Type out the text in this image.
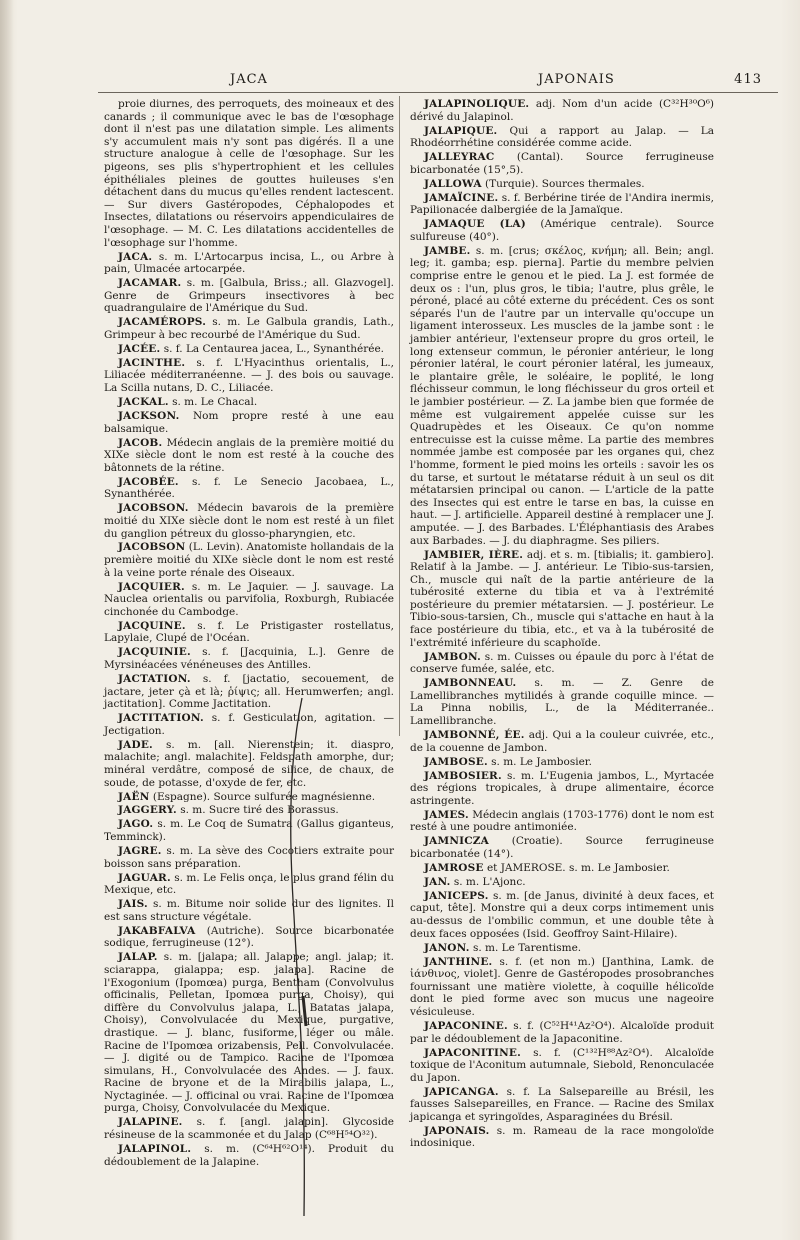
JACA	JAPONAIS	413

proie diurnes, des perroquets, des moineaux et des canards ; il communique avec le bas de l'œsophage dont il n'est pas une dilatation simple. Les aliments s'y accumulent mais n'y sont pas digérés. Il a une structure analogue à celle de l'œsophage. Sur les pigeons, ses plis s'hypertrophient et les cellules épithéliales pleines de gouttes huileuses s'en détachent dans du mucus qu'elles rendent lactescent. — Sur divers Gastéropodes, Céphalopodes et Insectes, dilatations ou réservoirs appendiculaires de l'œsophage. — M. C. Les dilatations accidentelles de l'œsophage sur l'homme.

JACA. s. m. L'Artocarpus incisa, L., ou Arbre à pain, Ulmacée artocarpée.

JACAMAR. s. m. [Galbula, Briss.; all. Glazvogel]. Genre de Grimpeurs insectivores à bec quadrangulaire de l'Amérique du Sud.

JACAMÉROPS. s. m. Le Galbula grandis, Lath., Grimpeur à bec recourbé de l'Amérique du Sud.

JACÉE. s. f. La Centaurea jacea, L., Synanthérée.

JACINTHE. s. f. L'Hyacinthus orientalis, L., Liliacée méditerranéenne. — J. des bois ou sauvage. La Scilla nutans, D. C., Liliacée.

JACKAL. s. m. Le Chacal.

JACKSON. Nom propre resté à une eau balsamique.

JACOB. Médecin anglais de la première moitié du XIXe siècle dont le nom est resté à la couche des bâtonnets de la rétine.

JACOBÉE. s. f. Le Senecio Jacobaea, L., Synanthérée.

JACOBSON. Médecin bavarois de la première moitié du XIXe siècle dont le nom est resté à un filet du ganglion pétreux du glosso-pharyngien, etc.

JACOBSON (L. Levin). Anatomiste hollandais de la première moitié du XIXe siècle dont le nom est resté à la veine porte rénale des Oiseaux.

JACQUIER. s. m. Le Jaquier. — J. sauvage. La Nauclea orientalis ou parvifolia, Roxburgh, Rubiacée cinchonée du Cambodge.

JACQUINE. s. f. Le Pristigaster rostellatus, Lapylaie, Clupé de l'Océan.

JACQUINIE. s. f. [Jacquinia, L.]. Genre de Myrsinéacées vénéneuses des Antilles.

JACTATION. s. f. [jactatio, secouement, de jactare, jeter çà et là; ῥίψις; all. Herumwerfen; angl. jactitation]. Comme Jactitation.

JACTITATION. s. f. Gesticulation, agitation. — Jectigation.

JADE. s. m. [all. Nierenstein; it. diaspro, malachite; angl. malachite]. Feldspath amorphe, dur; minéral verdâtre, composé de silice, de chaux, de soude, de potasse, d'oxyde de fer, etc.

JAËN (Espagne). Source sulfurée magnésienne.

JAGGERY. s. m. Sucre tiré des Borassus.

JAGO. s. m. Le Coq de Sumatra (Gallus giganteus, Temminck).

JAGRE. s. m. La sève des Cocotiers extraite pour boisson sans préparation.

JAGUAR. s. m. Le Felis onça, le plus grand félin du Mexique, etc.

JAIS. s. m. Bitume noir solide dur des lignites. Il est sans structure végétale.

JAKABFALVA (Autriche). Source bicarbonatée sodique, ferrugineuse (12°).

JALAP. s. m. [jalapa; all. Jalappe; angl. jalap; it. sciarappa, gialappa; esp. jalapa]. Racine de l'Exogonium (Ipomœa) purga, Bentham (Convolvulus officinalis, Pelletan, Ipomœa purga, Choisy), qui diffère du Convolvulus jalapa, L., Batatas jalapa, Choisy), Convolvulacée du Mexique, purgative, drastique. — J. blanc, fusiforme, léger ou mâle. Racine de l'Ipomœa orizabensis, Pell. Convolvulacée. — J. digité ou de Tampico. Racine de l'Ipomœa simulans, H., Convolvulacée des Andes. — J. faux. Racine de bryone et de la Mirabilis jalapa, L., Nyctaginée. — J. officinal ou vrai. Racine de l'Ipomœa purga, Choisy, Convolvulacée du Mexique.

JALAPINE. s. f. [angl. jalapin]. Glycoside résineuse de la scammonée et du Jalap (C⁶⁸H⁵⁴O³²).

JALAPINOL. s. m. (C⁶⁴H⁶²O¹⁴). Produit du dédoublement de la Jalapine.

JALAPINOLIQUE. adj. Nom d'un acide (C³²H³⁰O⁶) dérivé du Jalapinol.

JALAPIQUE. Qui a rapport au Jalap. — La Rhodéorrhétine considérée comme acide.

JALLEYRAC (Cantal). Source ferrugineuse bicarbonatée (15°,5).

JALLOWA (Turquie). Sources thermales.

JAMAÏCINE. s. f. Berbérine tirée de l'Andira inermis, Papilionacée dalbergiée de la Jamaïque.

JAMAQUE (LA) (Amérique centrale). Source sulfureuse (40°).

JAMBE. s. m. [crus; σκέλος, κνήμη; all. Bein; angl. leg; it. gamba; esp. pierna]. Partie du membre pelvien comprise entre le genou et le pied. La J. est formée de deux os : l'un, plus gros, le tibia; l'autre, plus grêle, le péroné, placé au côté externe du précédent. Ces os sont séparés l'un de l'autre par un intervalle qu'occupe un ligament interosseux. Les muscles de la jambe sont : le jambier antérieur, l'extenseur propre du gros orteil, le long extenseur commun, le péronier antérieur, le long péronier latéral, le court péronier latéral, les jumeaux, le plantaire grêle, le soléaire, le poplité, le long fléchisseur commun, le long fléchisseur du gros orteil et le jambier postérieur. — Z. La jambe bien que formée de même est vulgairement appelée cuisse sur les Quadrupèdes et les Oiseaux. Ce qu'on nomme entrecuisse est la cuisse même. La partie des membres nommée jambe est composée par les organes qui, chez l'homme, forment le pied moins les orteils : savoir les os du tarse, et surtout le métatarse réduit à un seul os dit métatarsien principal ou canon. — L'article de la patte des Insectes qui est entre le tarse en bas, la cuisse en haut. — J. artificielle. Appareil destiné à remplacer une J. amputée. — J. des Barbades. L'Éléphantiasis des Arabes aux Barbades. — J. du diaphragme. Ses piliers.

JAMBIER, IÈRE. adj. et s. m. [tibialis; it. gambiero]. Relatif à la Jambe. — J. antérieur. Le Tibio-sus-tarsien, Ch., muscle qui naît de la partie antérieure de la tubérosité externe du tibia et va à l'extrémité postérieure du premier métatarsien. — J. postérieur. Le Tibio-sous-tarsien, Ch., muscle qui s'attache en haut à la face postérieure du tibia, etc., et va à la tubérosité de l'extrémité inférieure du scaphoïde.

JAMBON. s. m. Cuisses ou épaule du porc à l'état de conserve fumée, salée, etc.

JAMBONNEAU. s. m. — Z. Genre de Lamellibranches mytilidés à grande coquille mince. — La Pinna nobilis, L., de la Méditerranée.. Lamellibranche.

JAMBONNÉ, ÉE. adj. Qui a la couleur cuivrée, etc., de la couenne de Jambon.

JAMBOSE. s. m. Le Jambosier.

JAMBOSIER. s. m. L'Eugenia jambos, L., Myrtacée des régions tropicales, à drupe alimentaire, écorce astringente.

JAMES. Médecin anglais (1703-1776) dont le nom est resté à une poudre antimoniée.

JAMNICZA (Croatie). Source ferrugineuse bicarbonatée (14°).

JAMROSE et JAMEROSE. s. m. Le Jambosier.

JAN. s. m. L'Ajonc.

JANICEPS. s. m. [de Janus, divinité à deux faces, et caput, tête]. Monstre qui a deux corps intimement unis au-dessus de l'ombilic commun, et une double tête à deux faces opposées (Isid. Geoffroy Saint-Hilaire).

JANON. s. m. Le Tarentisme.

JANTHINE. s. f. (et non m.) [Janthina, Lamk. de ἰάνθινος, violet]. Genre de Gastéropodes prosobranches fournissant une matière violette, à coquille hélicoïde dont le pied forme avec son mucus une nageoire vésiculeuse.

JAPACONINE. s. f. (C⁵²H⁴¹Az²O⁴). Alcaloïde produit par le dédoublement de la Japaconitine.

JAPACONITINE. s. f. (C¹³²H⁸⁸Az²O⁴). Alcaloïde toxique de l'Aconitum autumnale, Siebold, Renonculacée du Japon.

JAPICANGA. s. f. La Salsepareille au Brésil, les fausses Salsepareilles, en France. — Racine des Smilax japicanga et syringoïdes, Asparaginées du Brésil.

JAPONAIS. s. m. Rameau de la race mongoloïde indosinique.
